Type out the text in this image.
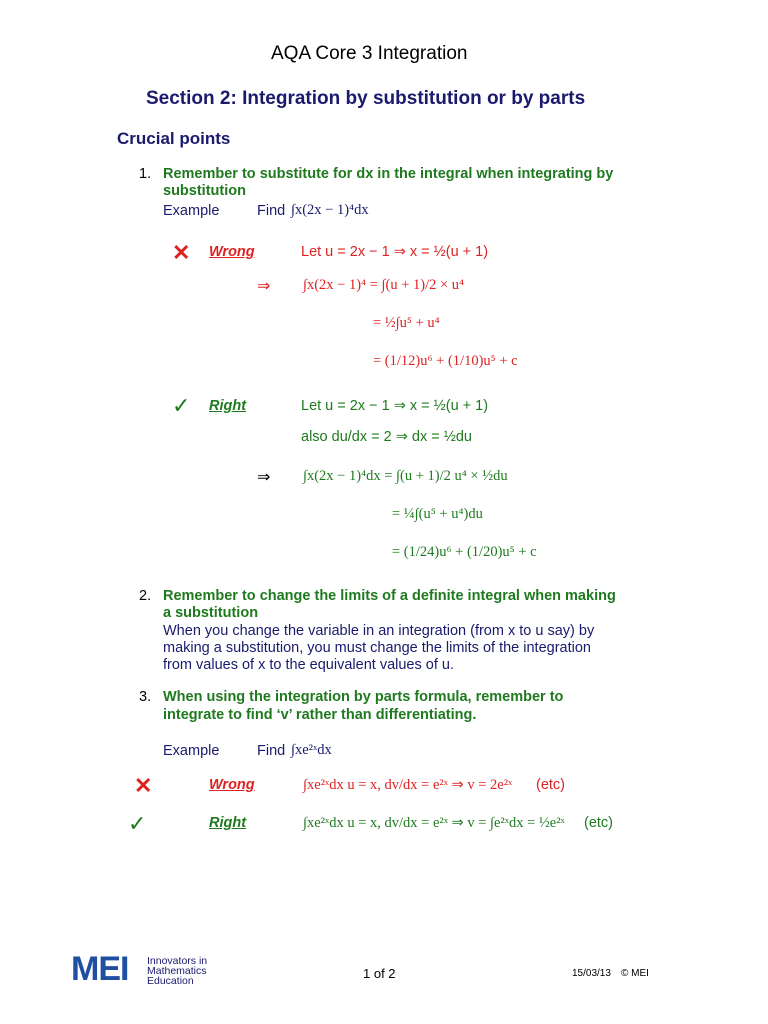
AQA Core 3 Integration
Section 2: Integration by substitution or by parts
Crucial points
1. Remember to substitute for dx in the integral when integrating by
substitution
Example	Find ∫x(2x − 1)⁴dx
✕ Wrong	Let u = 2x − 1 ⇒ x = ½(u + 1)
⇒ ∫x(2x − 1)⁴ = ∫(u + 1)/2 × u⁴
= ½∫u⁵ + u⁴
= (1/12)u⁶ + (1/10)u⁵ + c
✓ Right	Let u = 2x − 1 ⇒ x = ½(u + 1)
also du/dx = 2 ⇒ dx = ½du
⇒ ∫x(2x − 1)⁴dx = ∫(u + 1)/2 u⁴ × ½du
= ¼∫(u⁵ + u⁴)du
= (1/24)u⁶ + (1/20)u⁵ + c
2. Remember to change the limits of a definite integral when making
a substitution
When you change the variable in an integration (from x to u say) by
making a substitution, you must change the limits of the integration
from values of x to the equivalent values of u.
3. When using the integration by parts formula, remember to
integrate to find ‘v’ rather than differentiating.
Example	Find ∫xe²ˣdx
✕	Wrong	∫xe²ˣdx u = x, dv/dx = e²ˣ ⇒ v = 2e²ˣ (etc)
✓	Right	∫xe²ˣdx u = x, dv/dx = e²ˣ ⇒ v = ∫e²ˣdx = ½e²ˣ (etc)
MEI Innovators in
Mathematics
Education	1 of 2	15/03/13 © MEI
